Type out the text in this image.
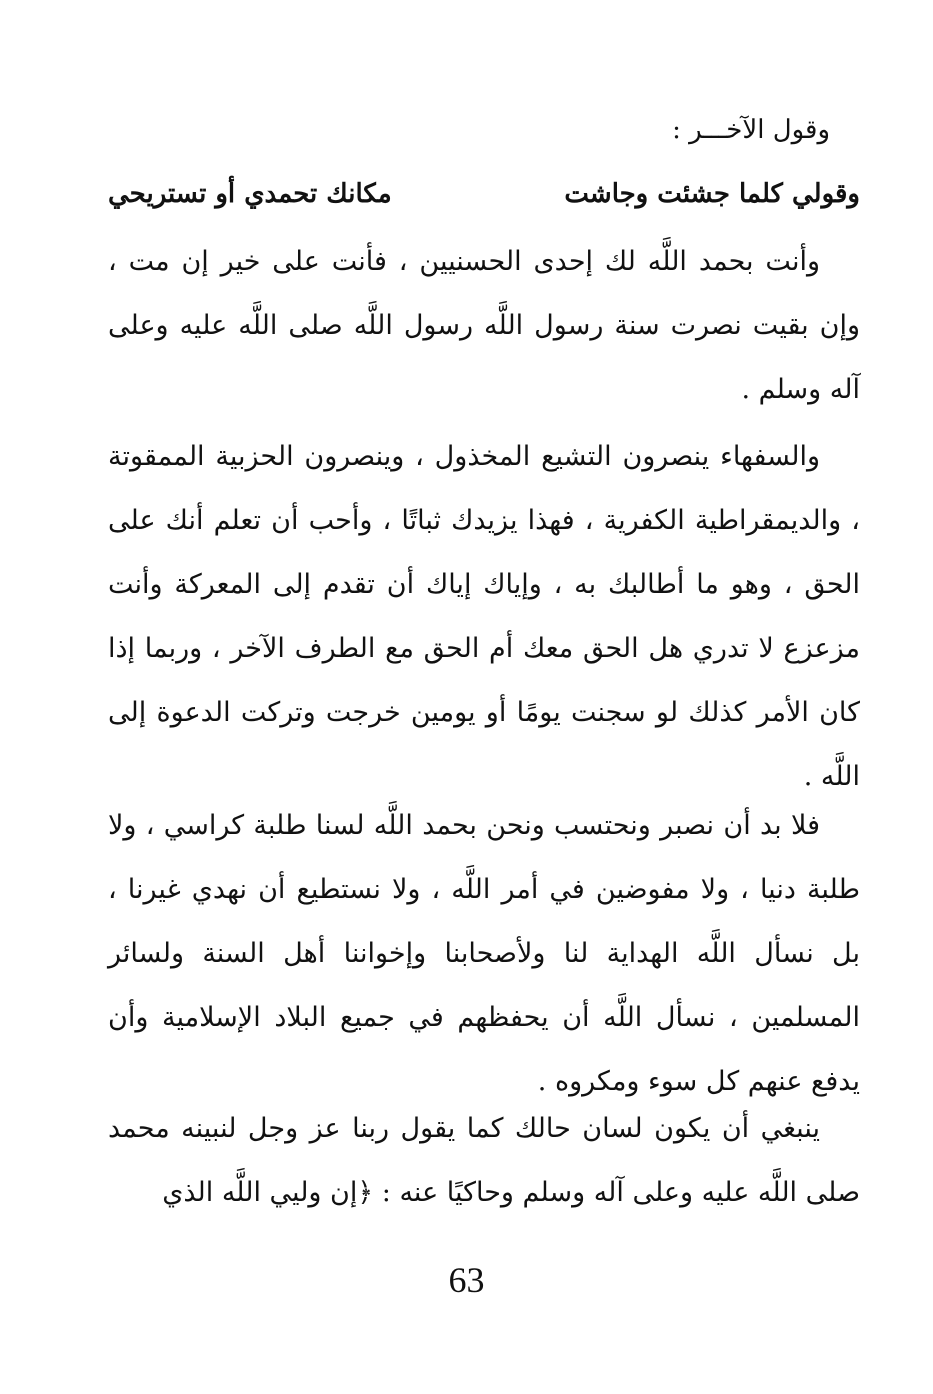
وقول الآخـــر :
وقولي كلما جشئت وجاشت
مكانك تحمدي أو تستريحي
وأنت بحمد اللَّه لك إحدى الحسنيين ، فأنت على خير إن مت ، وإن بقيت نصرت سنة رسول اللَّه رسول اللَّه صلى اللَّه عليه وعلى آله وسلم .
والسفهاء ينصرون التشيع المخذول ، وينصرون الحزبية الممقوتة ، والديمقراطية الكفرية ، فهذا يزيدك ثباتًا ، وأحب أن تعلم أنك على الحق ، وهو ما أطالبك به ، وإياك إياك أن تقدم إلى المعركة وأنت مزعزع لا تدري هل الحق معك أم الحق مع الطرف الآخر ، وربما إذا كان الأمر كذلك لو سجنت يومًا أو يومين خرجت وتركت الدعوة إلى اللَّه .
فلا بد أن نصبر ونحتسب ونحن بحمد اللَّه لسنا طلبة كراسي ، ولا طلبة دنيا ، ولا مفوضين في أمر اللَّه ، ولا نستطيع أن نهدي غيرنا ، بل نسأل اللَّه الهداية لنا ولأصحابنا وإخواننا أهل السنة ولسائر المسلمين ، نسأل اللَّه أن يحفظهم في جميع البلاد الإسلامية وأن يدفع عنهم كل سوء ومكروه .
ينبغي أن يكون لسان حالك كما يقول ربنا عز وجل لنبينه محمد صلى اللَّه عليه وعلى آله وسلم وحاكيًا عنه : ﴿إن وليي اللَّه الذي
63
